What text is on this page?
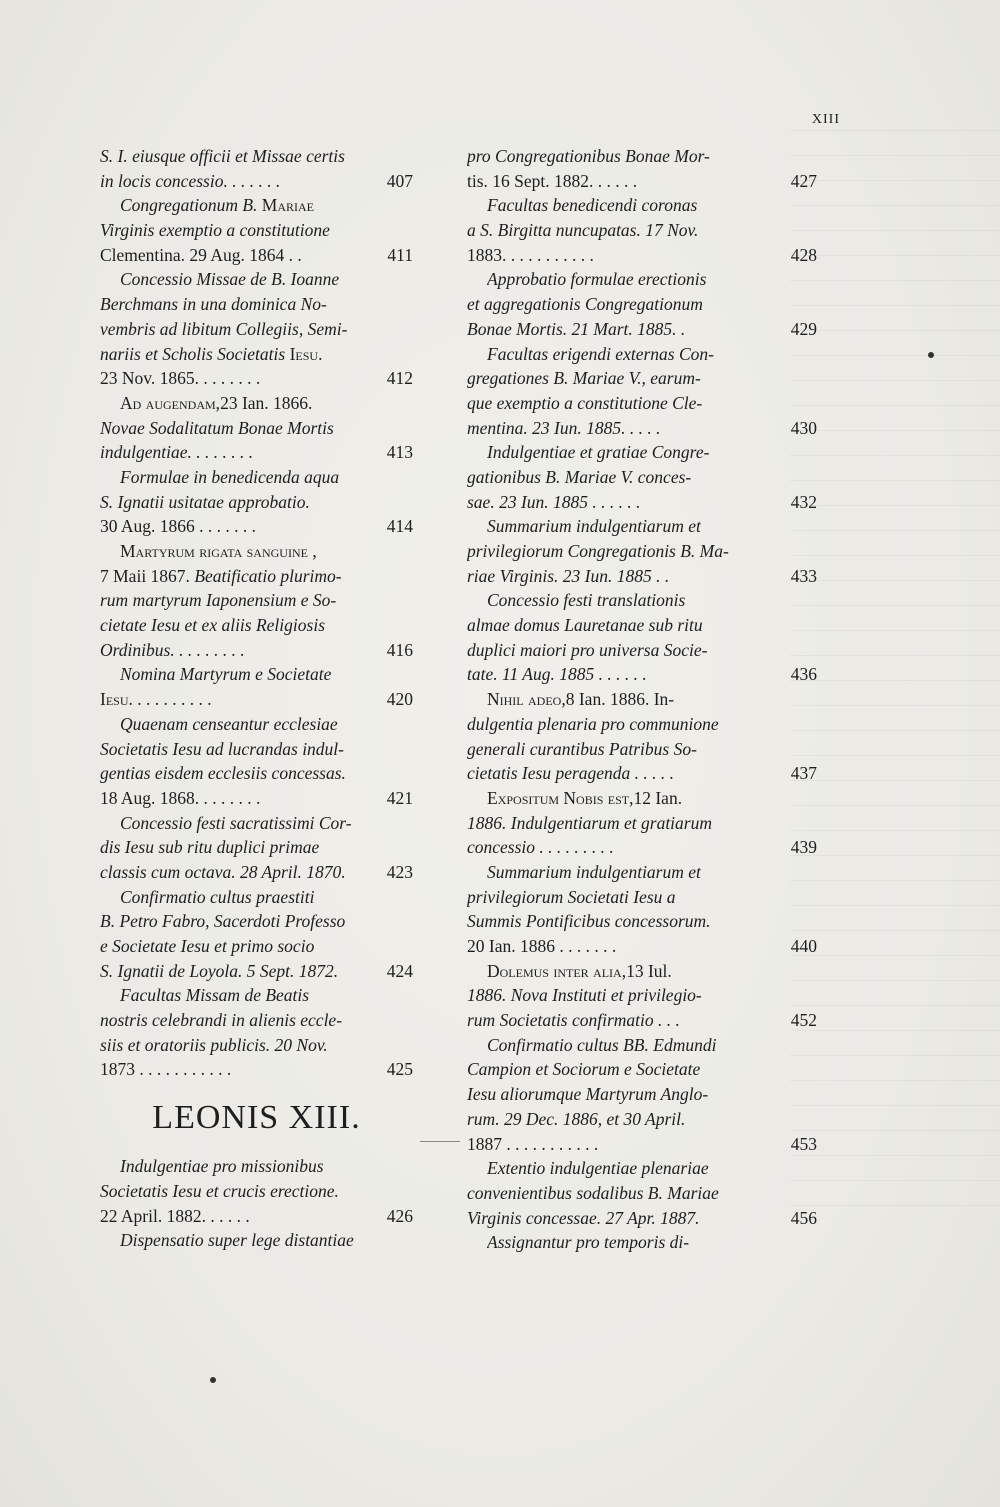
XIII
S. I. eiusque officii et Missae certis
in locis concessio. . . . . . .	407
Congregationum B.
Mariae
Virginis exemptio a constitutione
Clementina. 29 Aug. 1864 . .	411
Concessio Missae de B. Ioanne
Berchmans in una dominica No-
vembris ad libitum Collegiis, Semi-
nariis et Scholis Societatis
Iesu.
23 Nov. 1865. . . . . . . .	412
Ad augendam, 23 Ian. 1866.
Novae Sodalitatum Bonae Mortis
indulgentiae. . . . . . . .	413
Formulae in benedicenda aqua
S. Ignatii usitatae approbatio.
30 Aug. 1866 . . . . . . .	414
Martyrum rigata sanguine ,
7 Maii 1867.
Beatificatio plurimo-
rum martyrum Iaponensium e So-
cietate Iesu et ex aliis Religiosis
Ordinibus. . . . . . . . .	416
Nomina Martyrum e Societate
Iesu. . . . . . . . . .	420
Quaenam censeantur ecclesiae
Societatis Iesu ad lucrandas indul-
gentias eisdem ecclesiis concessas.
18 Aug. 1868. . . . . . . .	421
Concessio festi sacratissimi Cor-
dis Iesu sub ritu duplici primae
classis cum octava. 28 April. 1870. 423
Confirmatio cultus praestiti
B. Petro Fabro, Sacerdoti Professo
e Societate Iesu et primo socio
S. Ignatii de Loyola. 5 Sept. 1872.	424
Facultas Missam de Beatis
nostris celebrandi in alienis eccle-
siis et oratoriis publicis. 20 Nov.
1873 . . . . . . . . . . .	425
LEONIS XIII.
Indulgentiae pro missionibus
Societatis Iesu et crucis erectione.
22 April. 1882. . . . . .	426
Dispensatio super lege distantiae
pro Congregationibus Bonae Mor-
tis. 16 Sept. 1882. . . . . .	427
Facultas benedicendi coronas
a S. Birgitta nuncupatas. 17 Nov.
1883. . . . . . . . . . .	428
Approbatio formulae erectionis
et aggregationis Congregationum
Bonae Mortis. 21 Mart. 1885. .	429
Facultas erigendi externas Con-
gregationes B. Mariae V., earum-
que exemptio a constitutione Cle-
mentina. 23 Iun. 1885. . . . .	430
Indulgentiae et gratiae Congre-
gationibus B. Mariae V. conces-
sae. 23 Iun. 1885 . . . . . .	432
Summarium indulgentiarum et
privilegiorum Congregationis B. Ma-
riae Virginis. 23 Iun. 1885 . .	433
Concessio festi translationis
almae domus Lauretanae sub ritu
duplici maiori pro universa Socie-
tate. 11 Aug. 1885 . . . . . .	436
Nihil adeo, 8 Ian. 1886. In-
dulgentia plenaria pro communione
generali curantibus Patribus So-
cietatis Iesu peragenda . . . . .	437
Expositum Nobis est, 12 Ian.
1886. Indulgentiarum et gratiarum
concessio . . . . . . . . .	439
Summarium indulgentiarum et
privilegiorum Societati Iesu a
Summis Pontificibus concessorum.
20 Ian. 1886 . . . . . . .	440
Dolemus inter alia, 13 Iul.
1886. Nova Instituti et privilegio-
rum Societatis confirmatio . . .	452
Confirmatio cultus BB. Edmundi
Campion et Sociorum e Societate
Iesu aliorumque Martyrum Anglo-
rum. 29 Dec. 1886, et 30 April.
1887 . . . . . . . . . . .	453
Extentio indulgentiae plenariae
convenientibus sodalibus B. Mariae
Virginis concessae. 27 Apr. 1887.	456
Assignantur pro temporis di-
